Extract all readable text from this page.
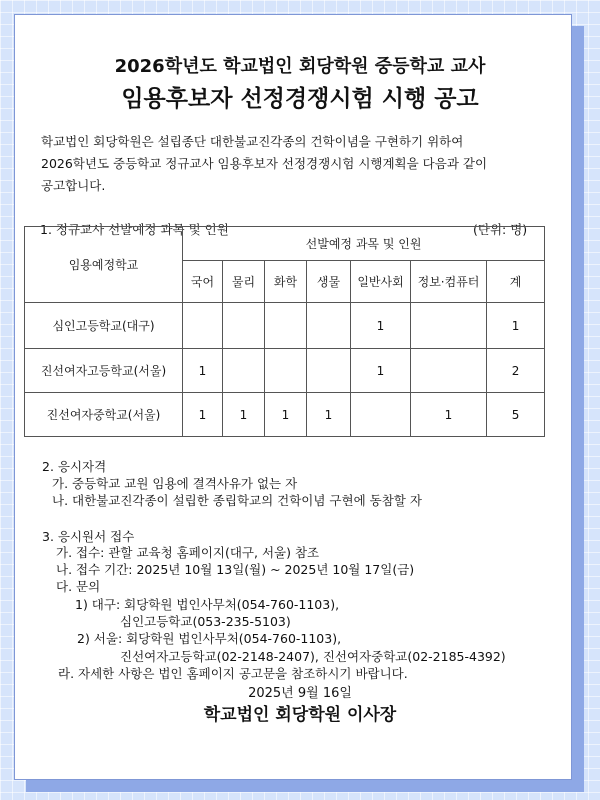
2026학년도 학교법인 회당학원 중등학교 교사
임용후보자 선정경쟁시험 시행 공고
학교법인 회당학원은 설립종단 대한불교진각종의 건학이념을 구현하기 위하여
2026학년도 중등학교 정규교사 임용후보자 선정경쟁시험 시행계획을 다음과 같이
공고합니다.
1. 정규교사 선발예정 과목 및 인원	(단위: 명)
임용예정학교	선발예정 과목 및 인원						
	국어	물리	화학	생물	일반사회	정보·컴퓨터	계
심인고등학교(대구)					1		1
진선여자고등학교(서울)	1				1		2
진선여자중학교(서울)	1	1	1	1		1	5
2. 응시자격
가. 중등학교 교원 임용에 결격사유가 없는 자
나. 대한불교진각종이 설립한 종립학교의 건학이념 구현에 동참할 자
3. 응시원서 접수
가. 접수: 관할 교육청 홈페이지(대구, 서울) 참조
나. 접수 기간: 2025년 10월 13일(월) ~ 2025년 10월 17일(금)
다. 문의
1) 대구: 회당학원 법인사무처(054-760-1103),
심인고등학교(053-235-5103)
2) 서울: 회당학원 법인사무처(054-760-1103),
진선여자고등학교(02-2148-2407), 진선여자중학교(02-2185-4392)
라. 자세한 사항은 법인 홈페이지 공고문을 참조하시기 바랍니다.
2025년 9월 16일
학교법인 회당학원 이사장
